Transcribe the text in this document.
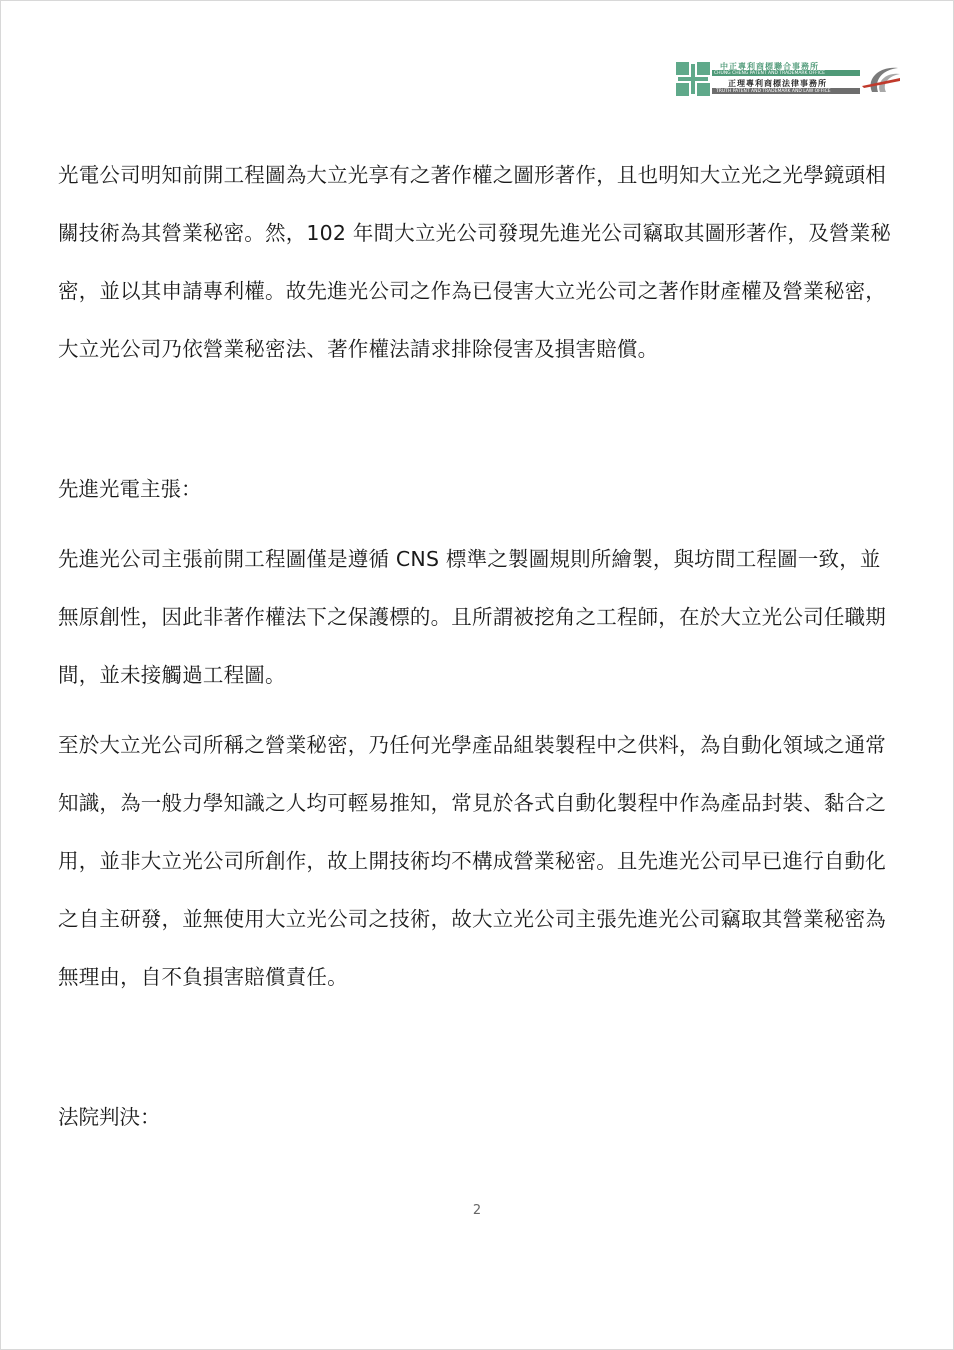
中正專利商標聯合事務所
CHUNG CHENG PATENT AND TRADEMARK OFFICE
正理專利商標法律事務所
TRUTH PATENT AND TRADEMARK AND LAW OFFICE

光電公司明知前開工程圖為大立光享有之著作權之圖形著作，且也明知大立光之光學鏡頭相關技術為其營業秘密。然，102 年間大立光公司發現先進光公司竊取其圖形著作，及營業秘密，並以其申請專利權。故先進光公司之作為已侵害大立光公司之著作財產權及營業秘密，大立光公司乃依營業秘密法、著作權法請求排除侵害及損害賠償。

先進光電主張：

先進光公司主張前開工程圖僅是遵循 CNS 標準之製圖規則所繪製，與坊間工程圖一致，並無原創性，因此非著作權法下之保護標的。且所謂被挖角之工程師，在於大立光公司任職期間，並未接觸過工程圖。

至於大立光公司所稱之營業秘密，乃任何光學產品組裝製程中之供料，為自動化領域之通常知識，為一般力學知識之人均可輕易推知，常見於各式自動化製程中作為產品封裝、黏合之用，並非大立光公司所創作，故上開技術均不構成營業秘密。且先進光公司早已進行自動化之自主研發，並無使用大立光公司之技術，故大立光公司主張先進光公司竊取其營業秘密為無理由，自不負損害賠償責任。

法院判決：

2
